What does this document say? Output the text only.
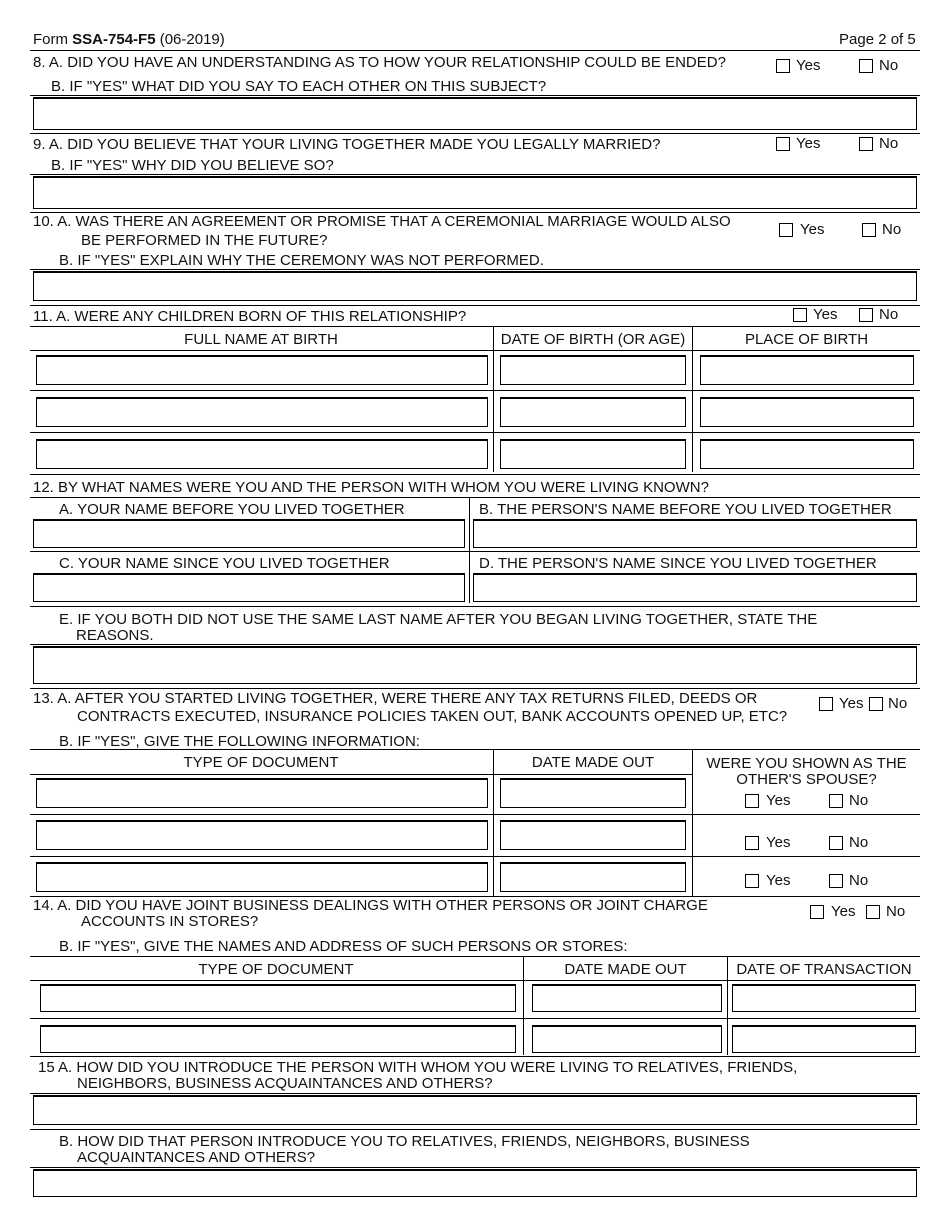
Form SSA-754-F5 (06-2019)	Page 2 of 5
8. A. DID YOU HAVE AN UNDERSTANDING AS TO HOW YOUR RELATIONSHIP COULD BE ENDED?	Yes	No
B. IF "YES" WHAT DID YOU SAY TO EACH OTHER ON THIS SUBJECT?
9. A. DID YOU BELIEVE THAT YOUR LIVING TOGETHER MADE YOU LEGALLY MARRIED?	Yes	No
B. IF "YES" WHY DID YOU BELIEVE SO?
10. A. WAS THERE AN AGREEMENT OR PROMISE THAT A CEREMONIAL MARRIAGE WOULD ALSO
BE PERFORMED IN THE FUTURE?
Yes	No
B. IF "YES" EXPLAIN WHY THE CEREMONY WAS NOT PERFORMED.
11. A. WERE ANY CHILDREN BORN OF THIS RELATIONSHIP?	Yes	No
FULL NAME AT BIRTH	DATE OF BIRTH (OR AGE)	PLACE OF BIRTH
12. BY WHAT NAMES WERE YOU AND THE PERSON WITH WHOM YOU WERE LIVING KNOWN?
A. YOUR NAME BEFORE YOU LIVED TOGETHER	B. THE PERSON'S NAME BEFORE YOU LIVED TOGETHER
C. YOUR NAME SINCE YOU LIVED TOGETHER	D. THE PERSON'S NAME SINCE YOU LIVED TOGETHER
E. IF YOU BOTH DID NOT USE THE SAME LAST NAME AFTER YOU BEGAN LIVING TOGETHER, STATE THE
REASONS.
13. A. AFTER YOU STARTED LIVING TOGETHER, WERE THERE ANY TAX RETURNS FILED, DEEDS OR
CONTRACTS EXECUTED, INSURANCE POLICIES TAKEN OUT, BANK ACCOUNTS OPENED UP, ETC?
Yes No
B. IF "YES", GIVE THE FOLLOWING INFORMATION:
TYPE OF DOCUMENT	DATE MADE OUT	WERE YOU SHOWN AS THE
OTHER'S SPOUSE?
Yes	No
Yes	No
Yes	No
14. A. DID YOU HAVE JOINT BUSINESS DEALINGS WITH OTHER PERSONS OR JOINT CHARGE
ACCOUNTS IN STORES?
Yes No
B. IF "YES", GIVE THE NAMES AND ADDRESS OF SUCH PERSONS OR STORES:
TYPE OF DOCUMENT	DATE MADE OUT	DATE OF TRANSACTION
15 A. HOW DID YOU INTRODUCE THE PERSON WITH WHOM YOU WERE LIVING TO RELATIVES, FRIENDS,
NEIGHBORS, BUSINESS ACQUAINTANCES AND OTHERS?
B. HOW DID THAT PERSON INTRODUCE YOU TO RELATIVES, FRIENDS, NEIGHBORS, BUSINESS
ACQUAINTANCES AND OTHERS?
